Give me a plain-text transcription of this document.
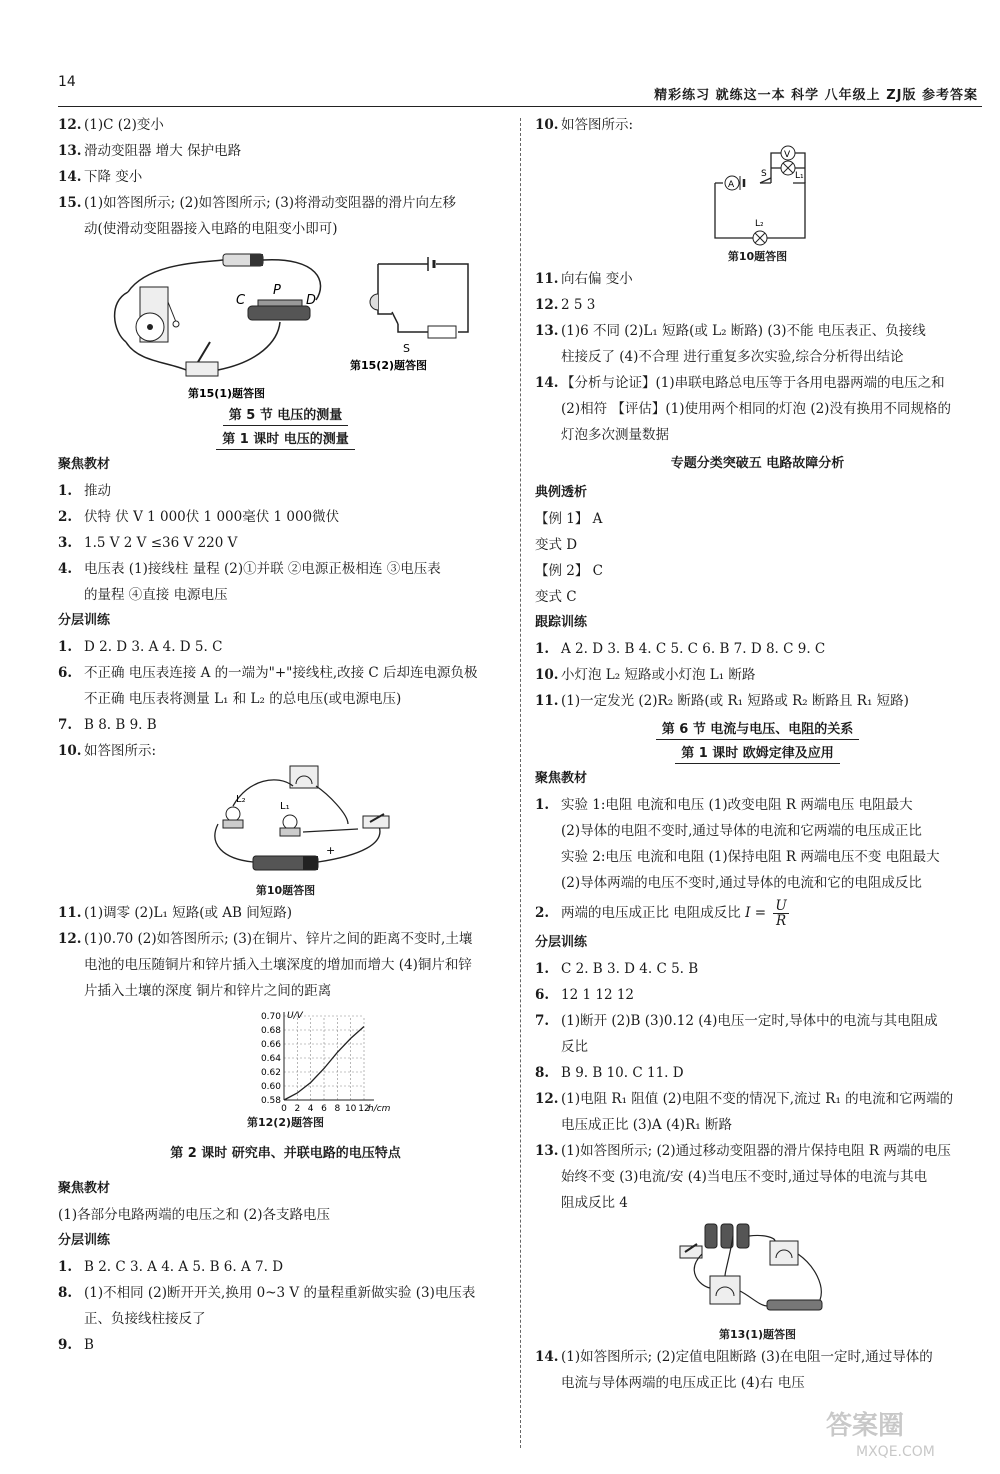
14
精彩练习 就练这一本 科学 八年级上 ZJ版 参考答案
12. (1)C (2)变小
13. 滑动变阻器 增大 保护电路
14. 下降 变小
15. (1)如答图所示; (2)如答图所示; (3)将滑动变阻器的滑片向左移
动(使滑动变阻器接入电路的电阻变小即可)
C
P
D
第15(1)题答图
S
第15(2)题答图
第 5 节 电压的测量
第 1 课时 电压的测量
聚焦教材
1. 推动
2. 伏特 伏 V 1 000伏 1 000毫伏 1 000微伏
3. 1.5 V 2 V ≤36 V 220 V
4. 电压表 (1)接线柱 量程 (2)①并联 ②电源正极相连 ③电压表
的量程 ④直接 电源电压
分层训练
1. D 2. D 3. A 4. D 5. C
6. 不正确 电压表连接 A 的一端为"+"接线柱,改接 C 后却连电源负极
不正确 电压表将测量 L₁ 和 L₂ 的总电压(或电源电压)
7. B 8. B 9. B
10. 如答图所示:
L₂
L₁
+
第10题答图
11. (1)调零 (2)L₁ 短路(或 AB 间短路)
12. (1)0.70 (2)如答图所示; (3)在铜片、锌片之间的距离不变时,土壤
电池的电压随铜片和锌片插入土壤深度的增加而增大 (4)铜片和锌
片插入土壤的深度 铜片和锌片之间的距离
0.58
0.60
0.62
0.64
0.66
0.68
0.70
0 2 4 6 8 10 12
U/V
h/cm
第12(2)题答图
第 2 课时 研究串、并联电路的电压特点
聚焦教材
(1)各部分电路两端的电压之和 (2)各支路电压
分层训练
1. B 2. C 3. A 4. A 5. B 6. A 7. D
8. (1)不相同 (2)断开开关,换用 0~3 V 的量程重新做实验 (3)电压表
正、负接线柱接反了
9. B
10. 如答图所示:
A
S
V
L₁
L₂
第10题答图
11. 向右偏 变小
12. 2 5 3
13. (1)6 不同 (2)L₁ 短路(或 L₂ 断路) (3)不能 电压表正、负接线
柱接反了 (4)不合理 进行重复多次实验,综合分析得出结论
14. 【分析与论证】(1)串联电路总电压等于各用电器两端的电压之和
(2)相符 【评估】(1)使用两个相同的灯泡 (2)没有换用不同规格的
灯泡多次测量数据
专题分类突破五 电路故障分析
典例透析
【例 1】 A
变式 D
【例 2】 C
变式 C
跟踪训练
1. A 2. D 3. B 4. C 5. C 6. B 7. D 8. C 9. C
10. 小灯泡 L₂ 短路或小灯泡 L₁ 断路
11. (1)一定发光 (2)R₂ 断路(或 R₁ 短路或 R₂ 断路且 R₁ 短路)
第 6 节 电流与电压、电阻的关系
第 1 课时 欧姆定律及应用
聚焦教材
1. 实验 1:电阻 电流和电压 (1)改变电阻 R 两端电压 电阻最大
(2)导体的电阻不变时,通过导体的电流和它两端的电压成正比
实验 2:电压 电流和电阻 (1)保持电阻 R 两端电压不变 电阻最大
(2)导体两端的电压不变时,通过导体的电流和它的电阻成反比
2. 两端的电压成正比 电阻成反比 $I = \frac{U}{R}$
分层训练
1. C 2. B 3. D 4. C 5. B
6. 12 1 12 12
7. (1)断开 (2)B (3)0.12 (4)电压一定时,导体中的电流与其电阻成
反比
8. B 9. B 10. C 11. D
12. (1)电阻 R₁ 阻值 (2)电阻不变的情况下,流过 R₁ 的电流和它两端的
电压成正比 (3)A (4)R₁ 断路
13. (1)如答图所示; (2)通过移动变阻器的滑片保持电阻 R 两端的电压
始终不变 (3)电流/安 (4)当电压不变时,通过导体的电流与其电
阻成反比 4
第13(1)题答图
14. (1)如答图所示; (2)定值电阻断路 (3)在电阻一定时,通过导体的
电流与导体两端的电压成正比 (4)右 电压
答案圈
MXQE.COM
